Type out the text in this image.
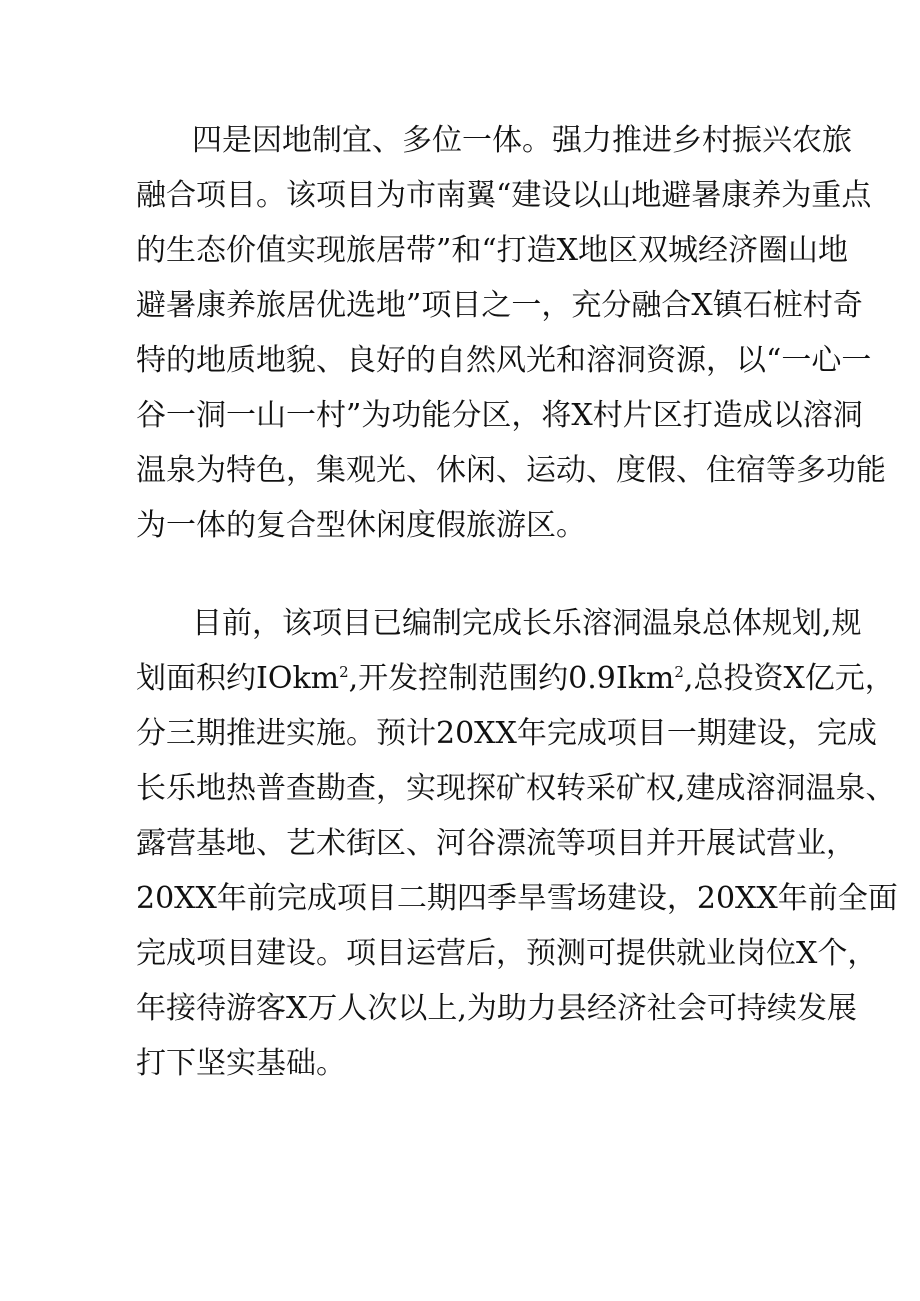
四是因地制宜、多位一体。强力推进乡村振兴农旅
融合项目。该项目为市南翼“建设以山地避暑康养为重点
的生态价值实现旅居带”和“打造X地区双城经济圈山地
避暑康养旅居优选地”项目之一，充分融合X镇石桩村奇
特的地质地貌、良好的自然风光和溶洞资源，以“一心一
谷一洞一山一村”为功能分区，将X村片区打造成以溶洞
温泉为特色，集观光、休闲、运动、度假、住宿等多功能
为一体的复合型休闲度假旅游区。
目前，该项目已编制完成长乐溶洞温泉总体规划,规
划面积约IOkm$^2$,开发控制范围约0.9Ikm$^2$,总投资X亿元，
分三期推进实施。预计20XX年完成项目一期建设，完成
长乐地热普查勘查，实现探矿权转采矿权,建成溶洞温泉、
露营基地、艺术街区、河谷漂流等项目并开展试营业，
20XX年前完成项目二期四季旱雪场建设，20XX年前全面
完成项目建设。项目运营后，预测可提供就业岗位X个，
年接待游客X万人次以上,为助力县经济社会可持续发展
打下坚实基础。
